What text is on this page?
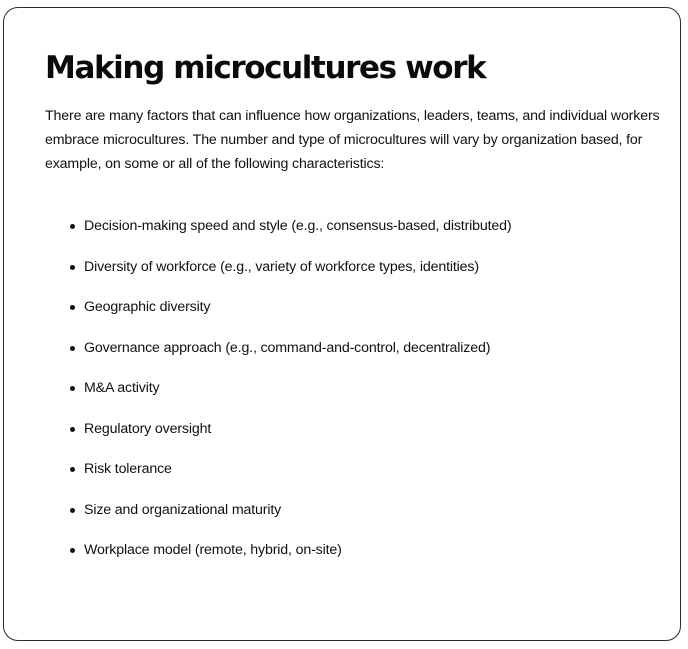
Making microcultures work

There are many factors that can influence how organizations, leaders, teams, and individual workers embrace microcultures. The number and type of microcultures will vary by organization based, for example, on some or all of the following characteristics:

Decision-making speed and style (e.g., consensus-based, distributed)
Diversity of workforce (e.g., variety of workforce types, identities)
Geographic diversity
Governance approach (e.g., command-and-control, decentralized)
M&A activity
Regulatory oversight
Risk tolerance
Size and organizational maturity
Workplace model (remote, hybrid, on-site)
